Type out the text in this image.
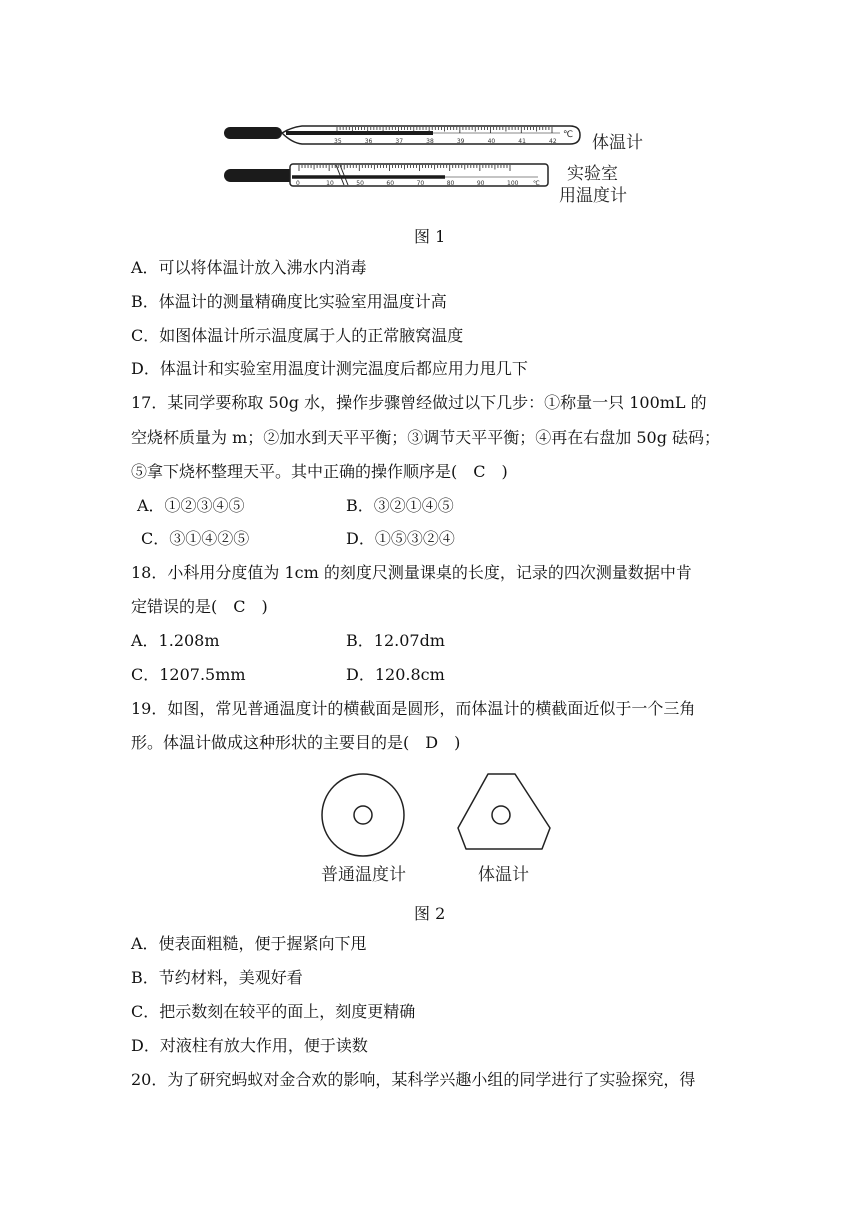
35	36	37	38	39	40	41	42
℃
0	10	50	60	70	80	90	100 ℃
体温计
实验室
用温度计
图 1
A．可以将体温计放入沸水内消毒
B．体温计的测量精确度比实验室用温度计高
C．如图体温计所示温度属于人的正常腋窝温度
D．体温计和实验室用温度计测完温度后都应用力甩几下
17．某同学要称取 50g 水，操作步骤曾经做过以下几步：①称量一只 100mL 的
空烧杯质量为 m；②加水到天平平衡；③调节天平平衡；④再在右盘加 50g 砝码；
⑤拿下烧杯整理天平。其中正确的操作顺序是(　C　)
A．①②③④⑤	B．③②①④⑤
C．③①④②⑤	D．①⑤③②④
18．小科用分度值为 1cm 的刻度尺测量课桌的长度，记录的四次测量数据中肯
定错误的是(　C　)
A．1.208m	B．12.07dm
C．1207.5mm	D．120.8cm
19．如图，常见普通温度计的横截面是圆形，而体温计的横截面近似于一个三角
形。体温计做成这种形状的主要目的是(　D　)
普通温度计	体温计
图 2
A．使表面粗糙，便于握紧向下甩
B．节约材料，美观好看
C．把示数刻在较平的面上，刻度更精确
D．对液柱有放大作用，便于读数
20．为了研究蚂蚁对金合欢的影响，某科学兴趣小组的同学进行了实验探究，得
